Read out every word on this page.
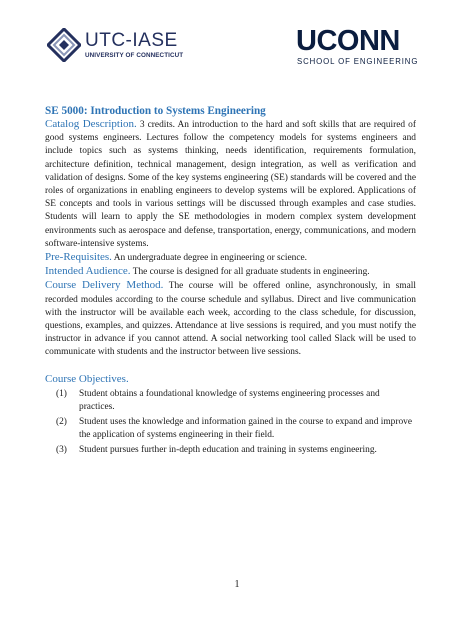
UTC-IASE
UNIVERSITY OF CONNECTICUT	UCONN
SCHOOL OF ENGINEERING
SE 5000: Introduction to Systems Engineering

Catalog Description. 3 credits. An introduction to the hard and soft skills that are required of good systems engineers. Lectures follow the competency models for systems engineers and include topics such as systems thinking, needs identification, requirements formulation, architecture definition, technical management, design integration, as well as verification and validation of designs. Some of the key systems engineering (SE) standards will be covered and the roles of organizations in enabling engineers to develop systems will be explored. Applications of SE concepts and tools in various settings will be discussed through examples and case studies. Students will learn to apply the SE methodologies in modern complex system development environments such as aerospace and defense, transportation, energy, communications, and modern software-intensive systems.

Pre-Requisites. An undergraduate degree in engineering or science.

Intended Audience. The course is designed for all graduate students in engineering.

Course Delivery Method. The course will be offered online, asynchronously, in small recorded modules according to the course schedule and syllabus. Direct and live communication with the instructor will be available each week, according to the class schedule, for discussion, questions, examples, and quizzes. Attendance at live sessions is required, and you must notify the instructor in advance if you cannot attend. A social networking tool called Slack will be used to communicate with students and the instructor between live sessions.

Course Objectives.

(1) Student obtains a foundational knowledge of systems engineering processes and practices.
(2) Student uses the knowledge and information gained in the course to expand and improve the application of systems engineering in their field.
(3) Student pursues further in-depth education and training in systems engineering.
1
